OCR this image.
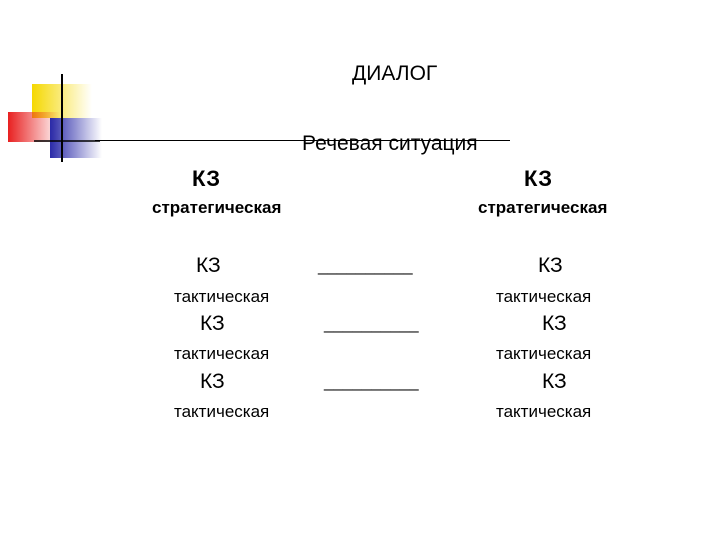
ДИАЛОГ
Речевая ситуация
КЗ
стратегическая
КЗ
тактическая
КЗ
тактическая
КЗ
тактическая
__________
__________
__________
КЗ
стратегическая
КЗ
тактическая
КЗ
тактическая
КЗ
тактическая
